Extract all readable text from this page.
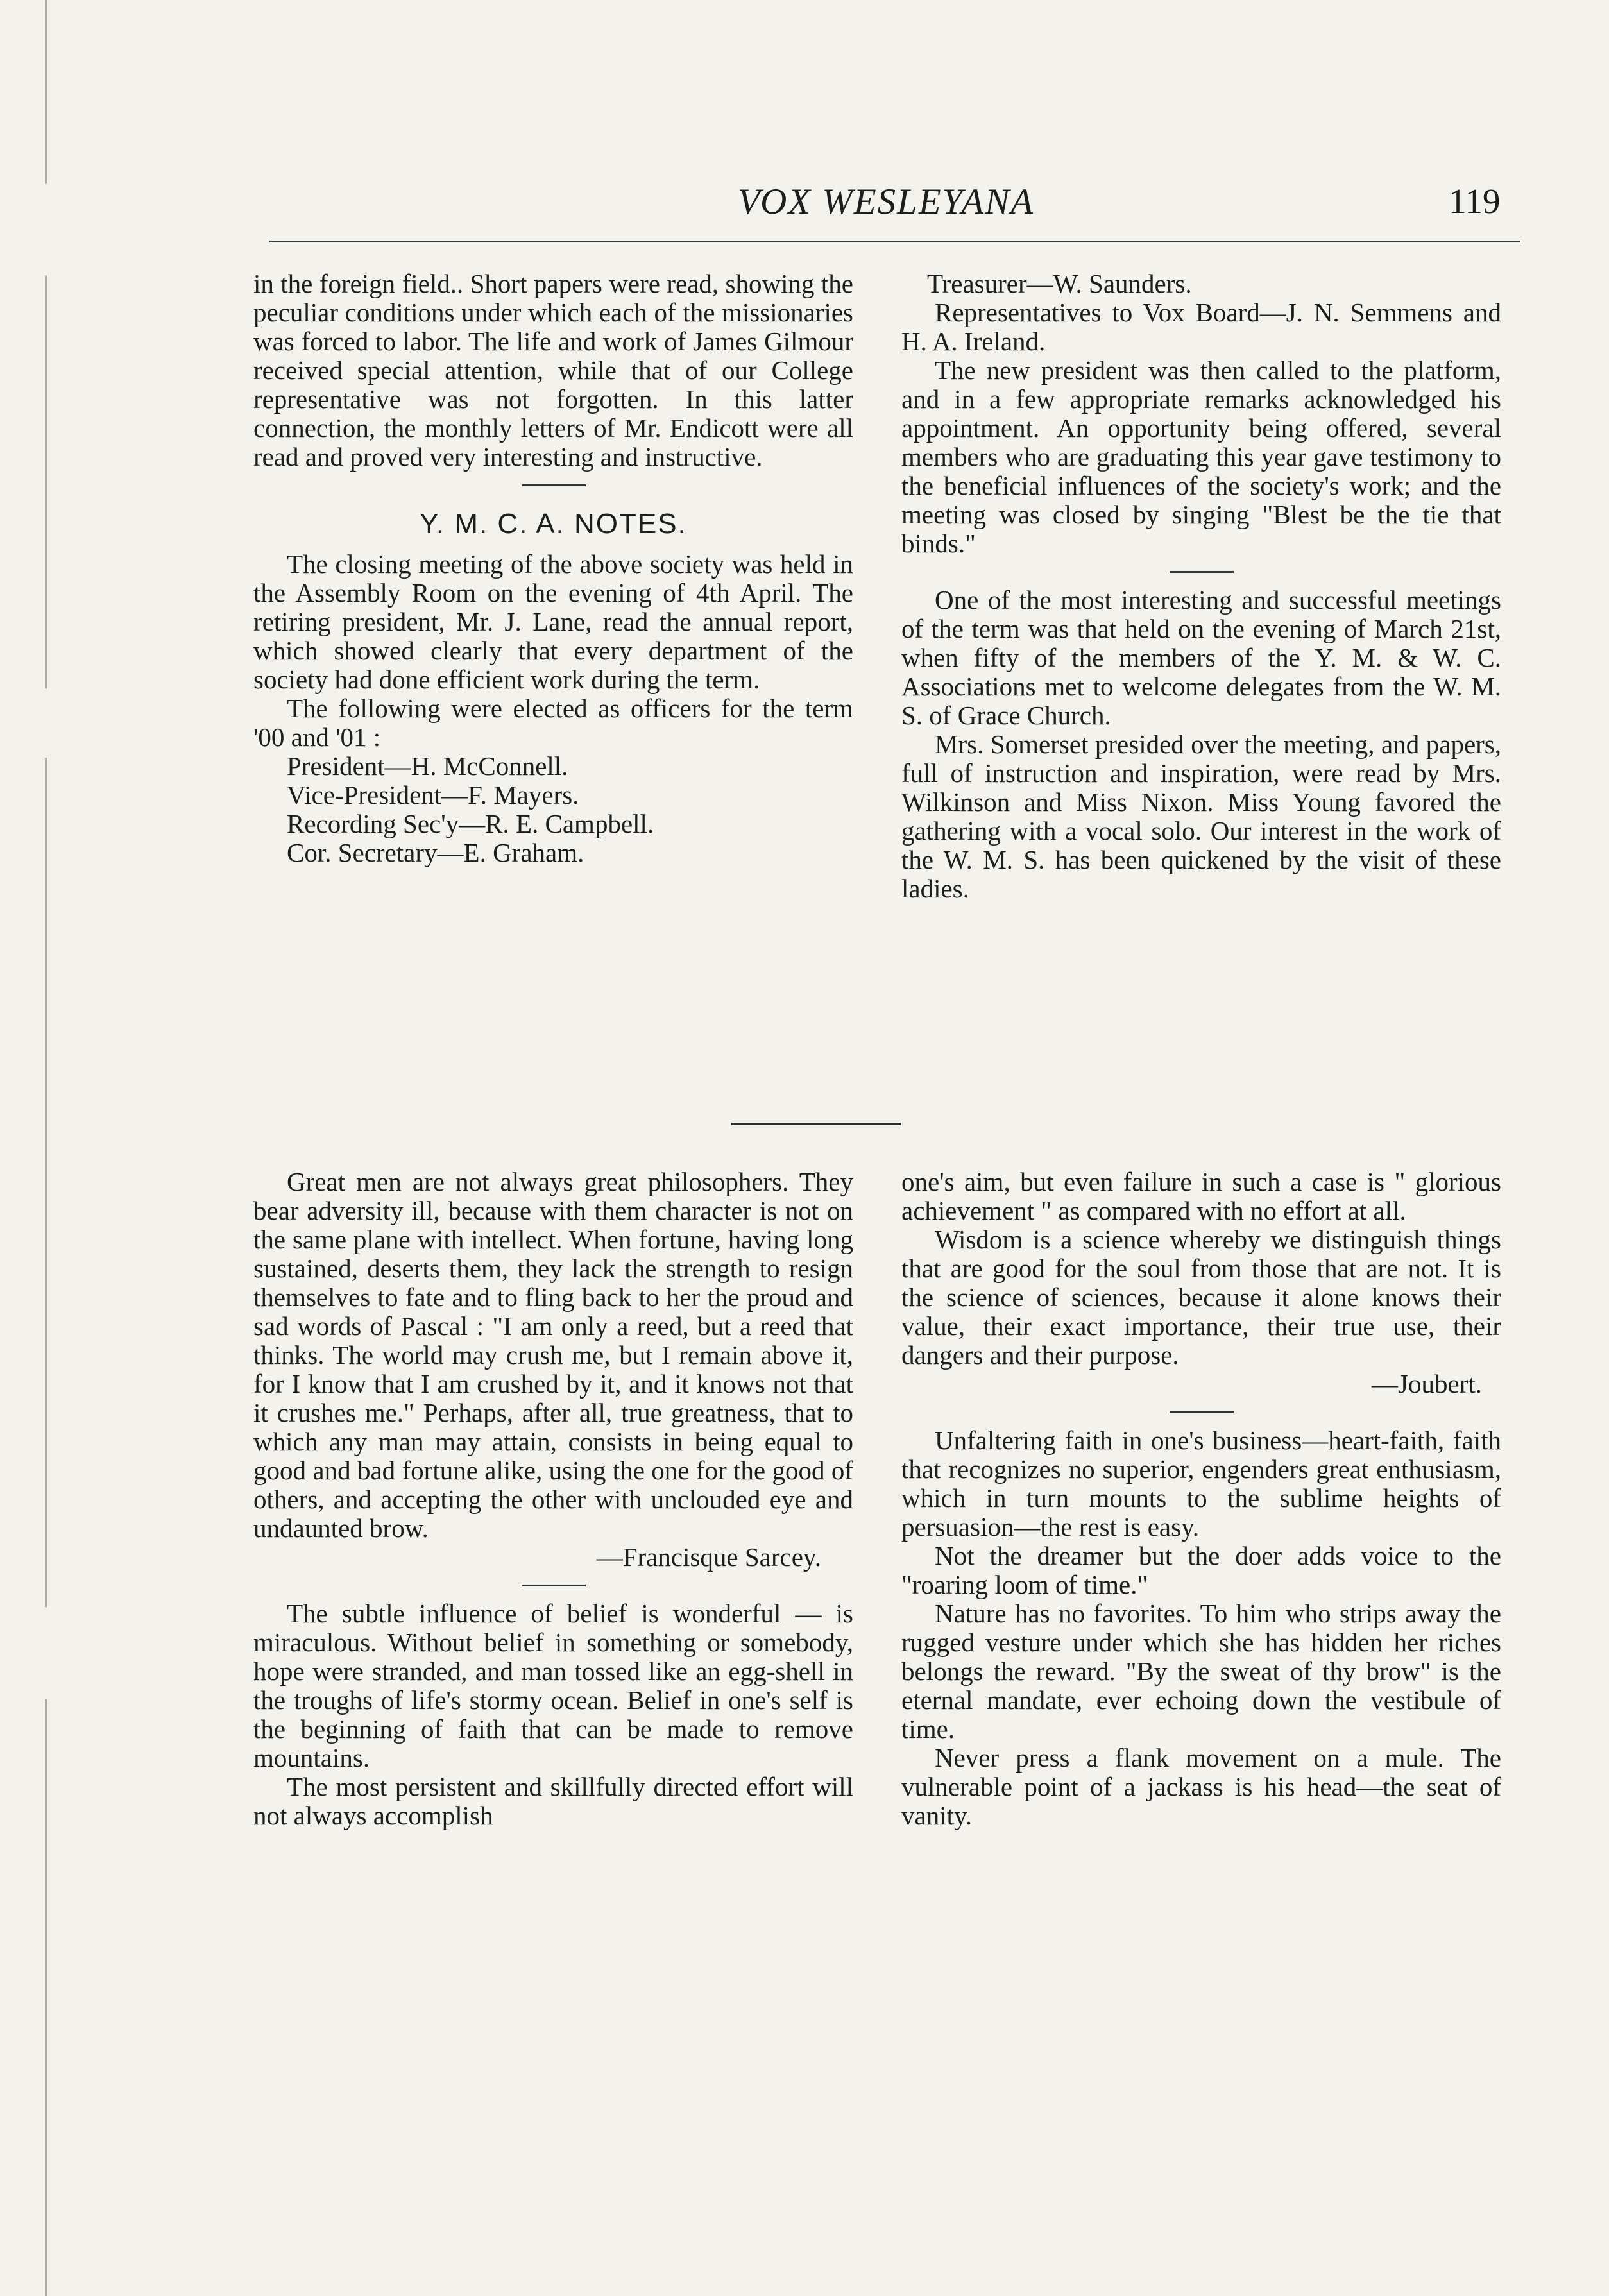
VOX WESLEYANA	119

in the foreign field.. Short papers were read, showing the peculiar conditions under which each of the missionaries was forced to labor. The life and work of James Gilmour received special attention, while that of our College representative was not forgotten. In this latter connection, the monthly letters of Mr. Endicott were all read and proved very interesting and instructive.

Y. M. C. A. NOTES.

The closing meeting of the above society was held in the Assembly Room on the evening of 4th April. The retiring president, Mr. J. Lane, read the annual report, which showed clearly that every department of the society had done efficient work during the term.

The following were elected as officers for the term '00 and '01 :

President—H. McConnell.
Vice-President—F. Mayers.
Recording Sec'y—R. E. Campbell.
Cor. Secretary—E. Graham.
Treasurer—W. Saunders.

Representatives to Vox Board—J. N. Semmens and H. A. Ireland.

The new president was then called to the platform, and in a few appropriate remarks acknowledged his appointment. An opportunity being offered, several members who are graduating this year gave testimony to the beneficial influences of the society's work; and the meeting was closed by singing "Blest be the tie that binds."

One of the most interesting and successful meetings of the term was that held on the evening of March 21st, when fifty of the members of the Y. M. & W. C. Associations met to welcome delegates from the W. M. S. of Grace Church.

Mrs. Somerset presided over the meeting, and papers, full of instruction and inspiration, were read by Mrs. Wilkinson and Miss Nixon. Miss Young favored the gathering with a vocal solo. Our interest in the work of the W. M. S. has been quickened by the visit of these ladies.

Great men are not always great philosophers. They bear adversity ill, because with them character is not on the same plane with intellect. When fortune, having long sustained, deserts them, they lack the strength to resign themselves to fate and to fling back to her the proud and sad words of Pascal : "I am only a reed, but a reed that thinks. The world may crush me, but I remain above it, for I know that I am crushed by it, and it knows not that it crushes me." Perhaps, after all, true greatness, that to which any man may attain, consists in being equal to good and bad fortune alike, using the one for the good of others, and accepting the other with unclouded eye and undaunted brow.

—Francisque Sarcey.

The subtle influence of belief is wonderful — is miraculous. Without belief in something or somebody, hope were stranded, and man tossed like an egg-shell in the troughs of life's stormy ocean. Belief in one's self is the beginning of faith that can be made to remove mountains.

The most persistent and skillfully directed effort will not always accomplish

one's aim, but even failure in such a case is " glorious achievement " as compared with no effort at all.

Wisdom is a science whereby we distinguish things that are good for the soul from those that are not. It is the science of sciences, because it alone knows their value, their exact importance, their true use, their dangers and their purpose.

—Joubert.

Unfaltering faith in one's business—heart-faith, faith that recognizes no superior, engenders great enthusiasm, which in turn mounts to the sublime heights of persuasion—the rest is easy.

Not the dreamer but the doer adds voice to the "roaring loom of time."

Nature has no favorites. To him who strips away the rugged vesture under which she has hidden her riches belongs the reward. "By the sweat of thy brow" is the eternal mandate, ever echoing down the vestibule of time.

Never press a flank movement on a mule. The vulnerable point of a jackass is his head—the seat of vanity.
